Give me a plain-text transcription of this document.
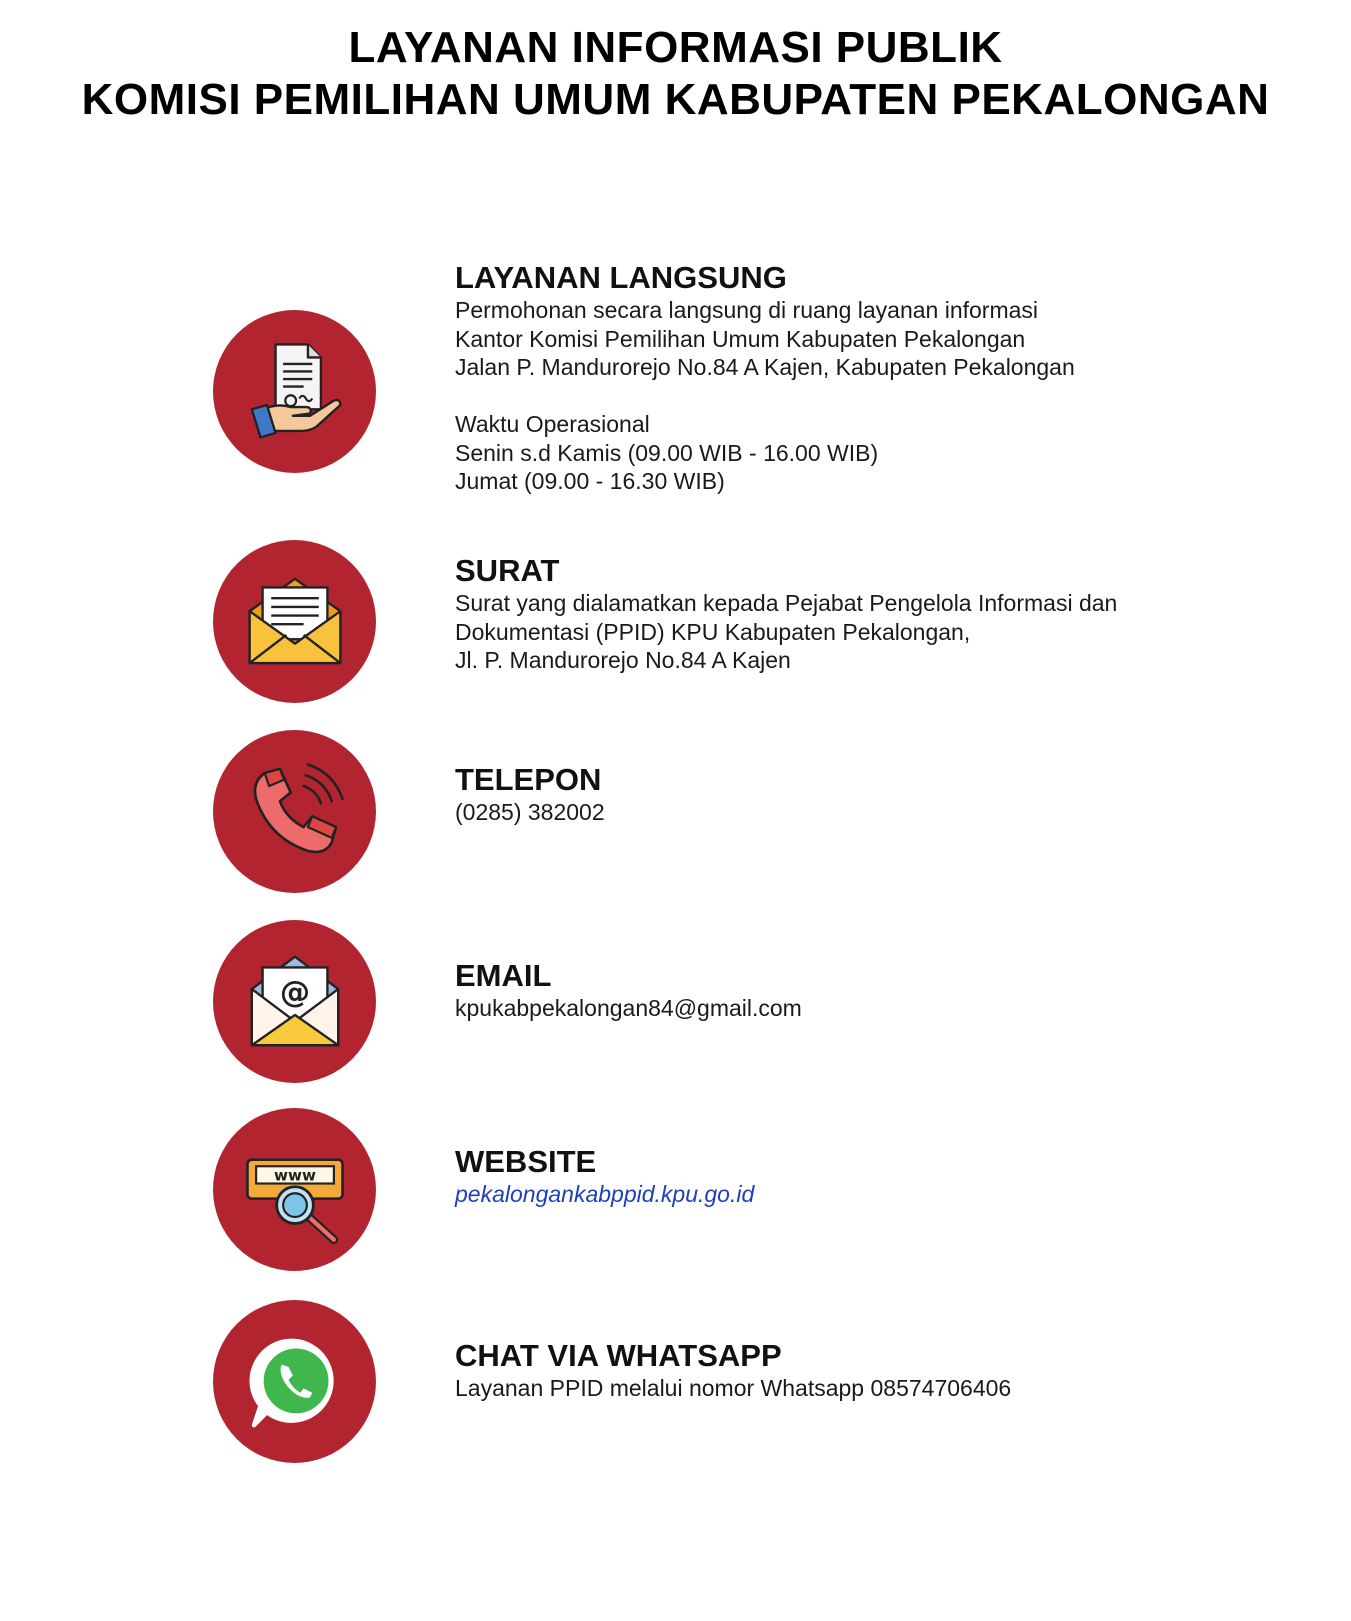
LAYANAN INFORMASI PUBLIK
KOMISI PEMILIHAN UMUM KABUPATEN PEKALONGAN
LAYANAN LANGSUNG
Permohonan secara langsung di ruang layanan informasi
Kantor Komisi Pemilihan Umum Kabupaten Pekalongan
Jalan P. Mandurorejo No.84 A Kajen, Kabupaten Pekalongan
Waktu Operasional
Senin s.d Kamis (09.00 WIB - 16.00 WIB)
Jumat (09.00 - 16.30 WIB)
SURAT
Surat yang dialamatkan kepada Pejabat Pengelola Informasi dan
Dokumentasi (PPID) KPU Kabupaten Pekalongan,
Jl. P. Mandurorejo No.84 A Kajen
TELEPON
(0285) 382002
@	EMAIL
kpukabpekalongan84@gmail.com
www	WEBSITE
pekalongankabppid.kpu.go.id
CHAT VIA WHATSAPP
Layanan PPID melalui nomor Whatsapp 08574706406
